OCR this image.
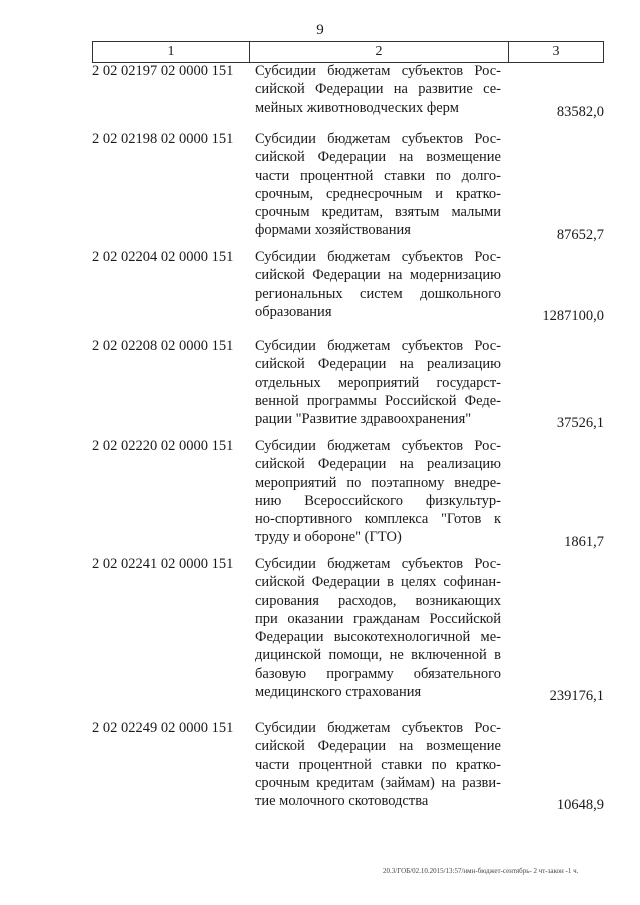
9
1	2	3
2 02 02197 02 0000 151	Субсидии бюджетам субъектов Рос-
сийской Федерации на развитие се-
мейных животноводческих ферм	83582,0
2 02 02198 02 0000 151	Субсидии бюджетам субъектов Рос-
сийской Федерации на возмещение
части процентной ставки по долго-
срочным, среднесрочным и кратко-
срочным кредитам, взятым малыми
формами хозяйствования	87652,7
2 02 02204 02 0000 151	Субсидии бюджетам субъектов Рос-
сийской Федерации на модернизацию
региональных систем дошкольного
образования	1287100,0
2 02 02208 02 0000 151	Субсидии бюджетам субъектов Рос-
сийской Федерации на реализацию
отдельных мероприятий государст-
венной программы Российской Феде-
рации "Развитие здравоохранения"	37526,1
2 02 02220 02 0000 151	Субсидии бюджетам субъектов Рос-
сийской Федерации на реализацию
мероприятий по поэтапному внедре-
нию Всероссийского физкультур-
но-спортивного комплекса "Готов к
труду и обороне" (ГТО)	1861,7
2 02 02241 02 0000 151	Субсидии бюджетам субъектов Рос-
сийской Федерации в целях софинан-
сирования расходов, возникающих
при оказании гражданам Российской
Федерации высокотехнологичной ме-
дицинской помощи, не включенной в
базовую программу обязательного
медицинского страхования	239176,1
2 02 02249 02 0000 151	Субсидии бюджетам субъектов Рос-
сийской Федерации на возмещение
части процентной ставки по кратко-
срочным кредитам (займам) на разви-
тие молочного скотоводства	10648,9
20.3/ГОБ/02.10.2015/13:57/нмн-бюджет-сентябрь- 2 чт-закон -1 ч.
